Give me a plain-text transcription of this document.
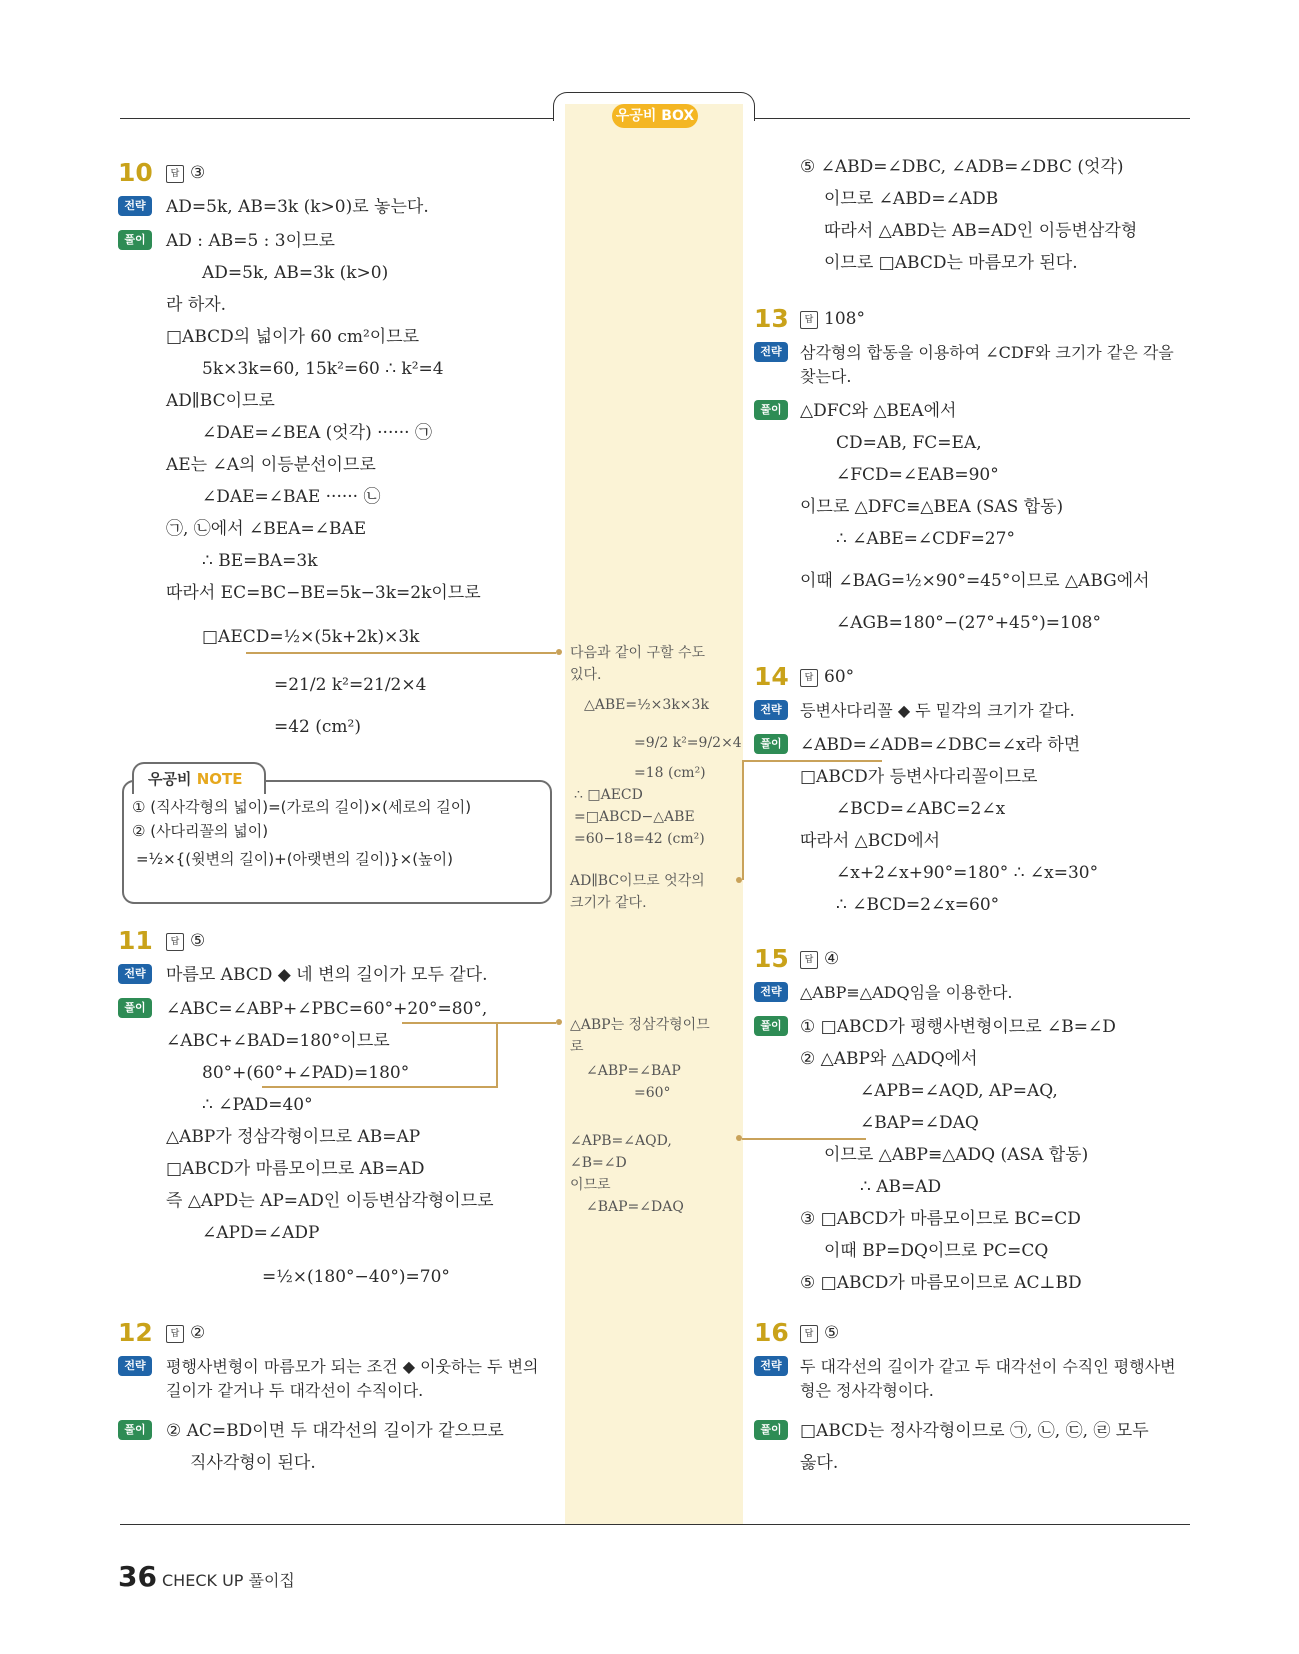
우공비 BOX
10	답 ③
전략	AD=5k, AB=3k (k>0)로 놓는다.
풀이	AD : AB=5 : 3이므로
AD=5k, AB=3k (k>0)
라 하자.
□ABCD의 넓이가 60 cm²이므로
5k×3k=60, 15k²=60 ∴ k²=4
AD∥BC이므로
∠DAE=∠BEA (엇각) ······ ㉠
AE는 ∠A의 이등분선이므로
∠DAE=∠BAE ······ ㉡
㉠, ㉡에서 ∠BEA=∠BAE
∴ BE=BA=3k
따라서 EC=BC−BE=5k−3k=2k이므로
□AECD=½×(5k+2k)×3k
=21/2 k²=21/2×4
=42 (cm²)
우공비 NOTE
① (직사각형의 넓이)=(가로의 길이)×(세로의 길이)
② (사다리꼴의 넓이)
=½×{(윗변의 길이)+(아랫변의 길이)}×(높이)
11	답 ⑤
전략	마름모 ABCD ◆ 네 변의 길이가 모두 같다.
풀이	∠ABC=∠ABP+∠PBC=60°+20°=80°,
∠ABC+∠BAD=180°이므로
80°+(60°+∠PAD)=180°
∴ ∠PAD=40°
△ABP가 정삼각형이므로 AB=AP
□ABCD가 마름모이므로 AB=AD
즉 △APD는 AP=AD인 이등변삼각형이므로
∠APD=∠ADP
=½×(180°−40°)=70°
12	답 ②
전략	평행사변형이 마름모가 되는 조건 ◆ 이웃하는 두 변의
길이가 같거나 두 대각선이 수직이다.
풀이	② AC=BD이면 두 대각선의 길이가 같으므로
직사각형이 된다.
다음과 같이 구할 수도
있다.
△ABE=½×3k×3k
=9/2 k²=9/2×4
=18 (cm²)
∴ □AECD
=□ABCD−△ABE
=60−18=42 (cm²)
AD∥BC이므로 엇각의
크기가 같다.
△ABP는 정삼각형이므
로
∠ABP=∠BAP
=60°
∠APB=∠AQD,
∠B=∠D
이므로
∠BAP=∠DAQ
⑤ ∠ABD=∠DBC, ∠ADB=∠DBC (엇각)
이므로 ∠ABD=∠ADB
따라서 △ABD는 AB=AD인 이등변삼각형
이므로 □ABCD는 마름모가 된다.
13	답 108°
전략	삼각형의 합동을 이용하여 ∠CDF와 크기가 같은 각을
찾는다.
풀이	△DFC와 △BEA에서
CD=AB, FC=EA,
∠FCD=∠EAB=90°
이므로 △DFC≡△BEA (SAS 합동)
∴ ∠ABE=∠CDF=27°
이때 ∠BAG=½×90°=45°이므로 △ABG에서
∠AGB=180°−(27°+45°)=108°
14	답 60°
전략	등변사다리꼴 ◆ 두 밑각의 크기가 같다.
풀이	∠ABD=∠ADB=∠DBC=∠x라 하면
□ABCD가 등변사다리꼴이므로
∠BCD=∠ABC=2∠x
따라서 △BCD에서
∠x+2∠x+90°=180° ∴ ∠x=30°
∴ ∠BCD=2∠x=60°
15	답 ④
전략	△ABP≡△ADQ임을 이용한다.
풀이	① □ABCD가 평행사변형이므로 ∠B=∠D
② △ABP와 △ADQ에서
∠APB=∠AQD, AP=AQ,
∠BAP=∠DAQ
이므로 △ABP≡△ADQ (ASA 합동)
∴ AB=AD
③ □ABCD가 마름모이므로 BC=CD
이때 BP=DQ이므로 PC=CQ
⑤ □ABCD가 마름모이므로 AC⊥BD
16	답 ⑤
전략	두 대각선의 길이가 같고 두 대각선이 수직인 평행사변
형은 정사각형이다.
풀이	□ABCD는 정사각형이므로 ㉠, ㉡, ㉢, ㉣ 모두
옳다.
36 CHECK UP 풀이집
